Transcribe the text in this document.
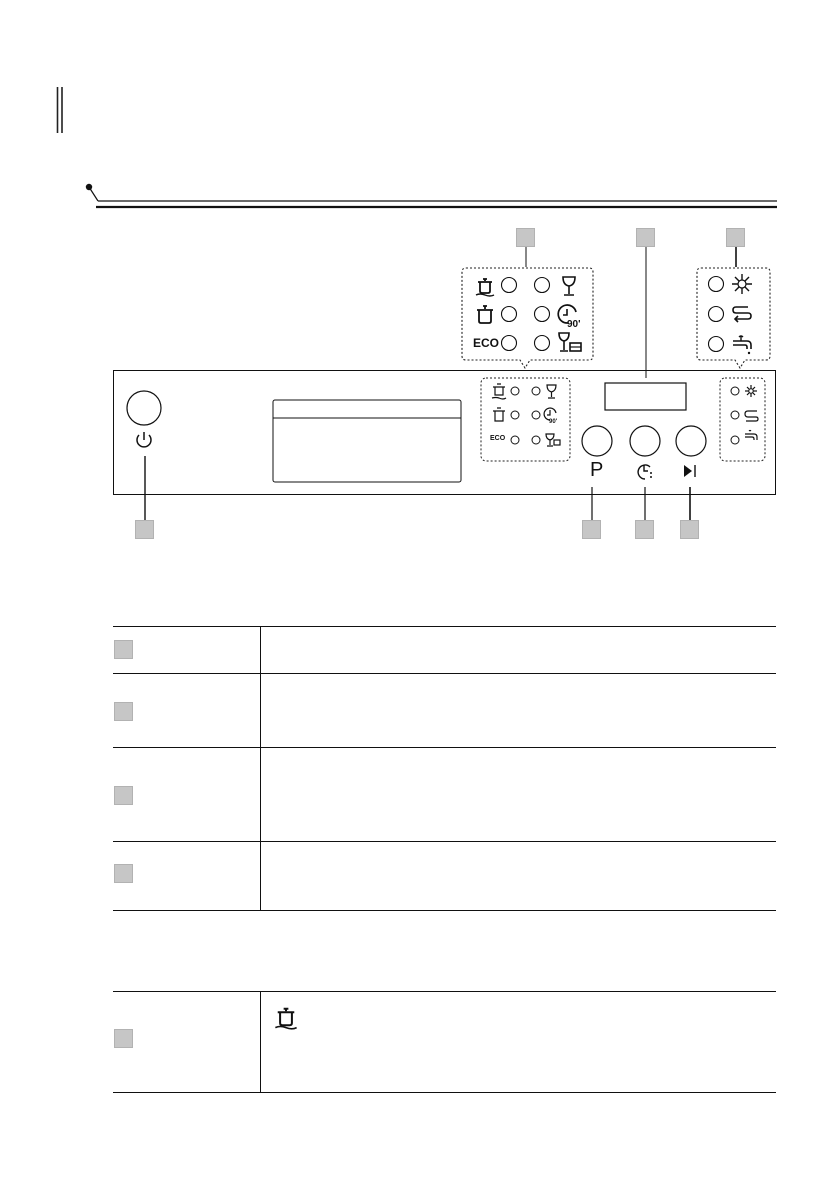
90'
ECO
90'
ECO
P
